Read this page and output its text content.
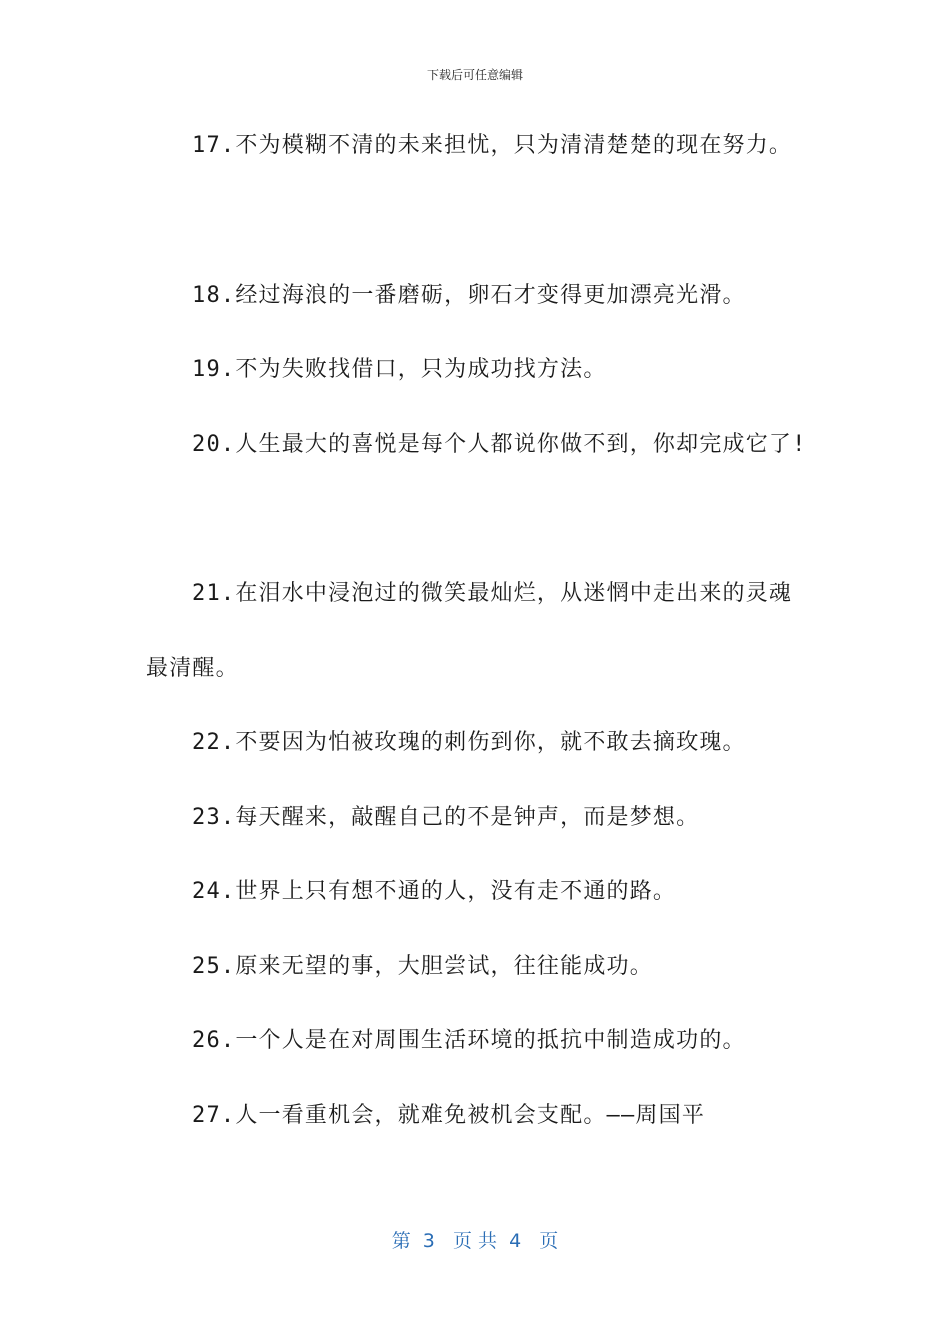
下载后可任意编辑
17.不为模糊不清的未来担忧，只为清清楚楚的现在努力。
18.经过海浪的一番磨砺，卵石才变得更加漂亮光滑。
19.不为失败找借口，只为成功找方法。
20.人生最大的喜悦是每个人都说你做不到，你却完成它了!
21.在泪水中浸泡过的微笑最灿烂，从迷惘中走出来的灵魂
最清醒。
22.不要因为怕被玫瑰的刺伤到你，就不敢去摘玫瑰。
23.每天醒来，敲醒自己的不是钟声，而是梦想。
24.世界上只有想不通的人，没有走不通的路。
25.原来无望的事，大胆尝试，往往能成功。
26.一个人是在对周围生活环境的抵抗中制造成功的。
27.人一看重机会，就难免被机会支配。——周国平
第  3   页 共  4   页
